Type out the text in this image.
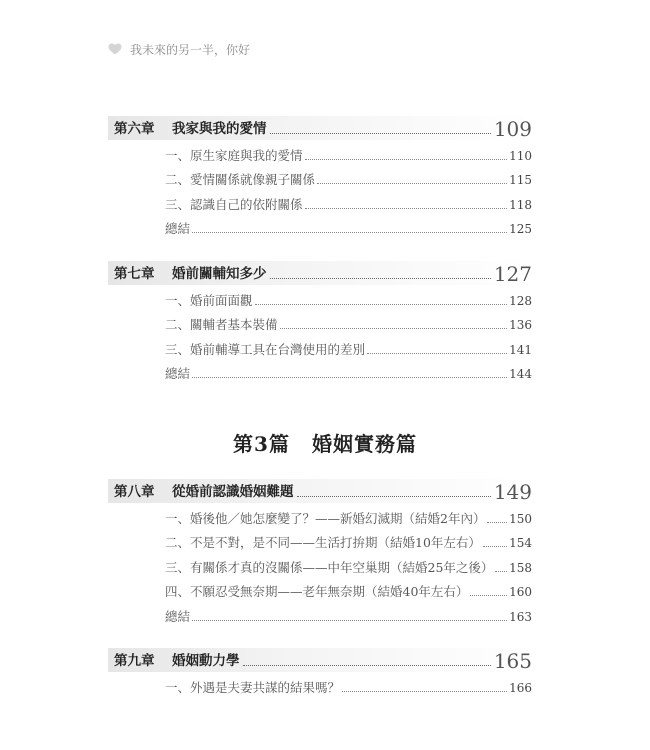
我未來的另一半，你好
第六章	我家與我的愛情	109
一、原生家庭與我的愛情	110
二、愛情關係就像親子關係	115
三、認識自己的依附關係	118
總結	125
第七章	婚前關輔知多少	127
一、婚前面面觀	128
二、關輔者基本裝備	136
三、婚前輔導工具在台灣使用的差別	141
總結	144
第3篇 婚姻實務篇
第八章	從婚前認識婚姻難題	149
一、婚後他／她怎麼變了？——新婚幻滅期（結婚2年內） 150
二、不是不對，是不同——生活打拚期（結婚10年左右） 154
三、有關係才真的沒關係——中年空巢期（結婚25年之後） 158
四、不願忍受無奈期——老年無奈期（結婚40年左右）	160
總結	163
第九章	婚姻動力學	165
一、外遇是夫妻共謀的結果嗎？	166
